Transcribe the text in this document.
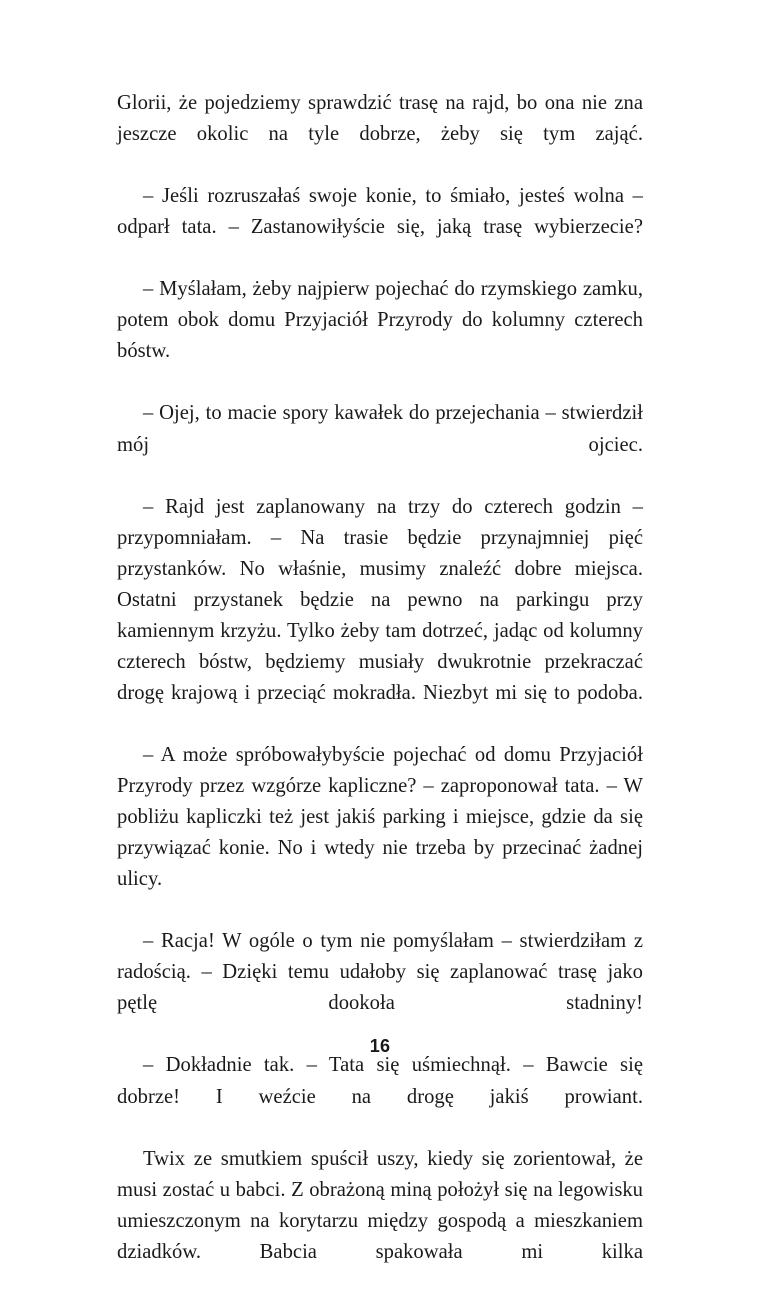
Glorii, że pojedziemy sprawdzić trasę na rajd, bo ona nie zna jeszcze okolic na tyle dobrze, żeby się tym zająć.

– Jeśli rozruszałaś swoje konie, to śmiało, jesteś wolna – odparł tata. – Zastanowiłyście się, jaką trasę wybierzecie?

– Myślałam, żeby najpierw pojechać do rzymskiego zamku, potem obok domu Przyjaciół Przyrody do kolumny czterech bóstw.

– Ojej, to macie spory kawałek do przejechania – stwierdził mój ojciec.

– Rajd jest zaplanowany na trzy do czterech godzin – przypomniałam. – Na trasie będzie przynajmniej pięć przystanków. No właśnie, musimy znaleźć dobre miejsca. Ostatni przystanek będzie na pewno na parkingu przy kamiennym krzyżu. Tylko żeby tam dotrzeć, jadąc od kolumny czterech bóstw, będziemy musiały dwukrotnie przekraczać drogę krajową i przeciąć mokradła. Niezbyt mi się to podoba.

– A może spróbowałybyście pojechać od domu Przyjaciół Przyrody przez wzgórze kapliczne? – zaproponował tata. – W pobliżu kapliczki też jest jakiś parking i miejsce, gdzie da się przywiązać konie. No i wtedy nie trzeba by przecinać żadnej ulicy.

– Racja! W ogóle o tym nie pomyślałam – stwierdziłam z radością. – Dzięki temu udałoby się zaplanować trasę jako pętlę dookoła stadniny!

– Dokładnie tak. – Tata się uśmiechnął. – Bawcie się dobrze! I weźcie na drogę jakiś prowiant.

Twix ze smutkiem spuścił uszy, kiedy się zorientował, że musi zostać u babci. Z obrażoną miną położył się na legowisku umieszczonym na korytarzu między gospodą a mieszkaniem dziadków. Babcia spakowała mi kilka

16
